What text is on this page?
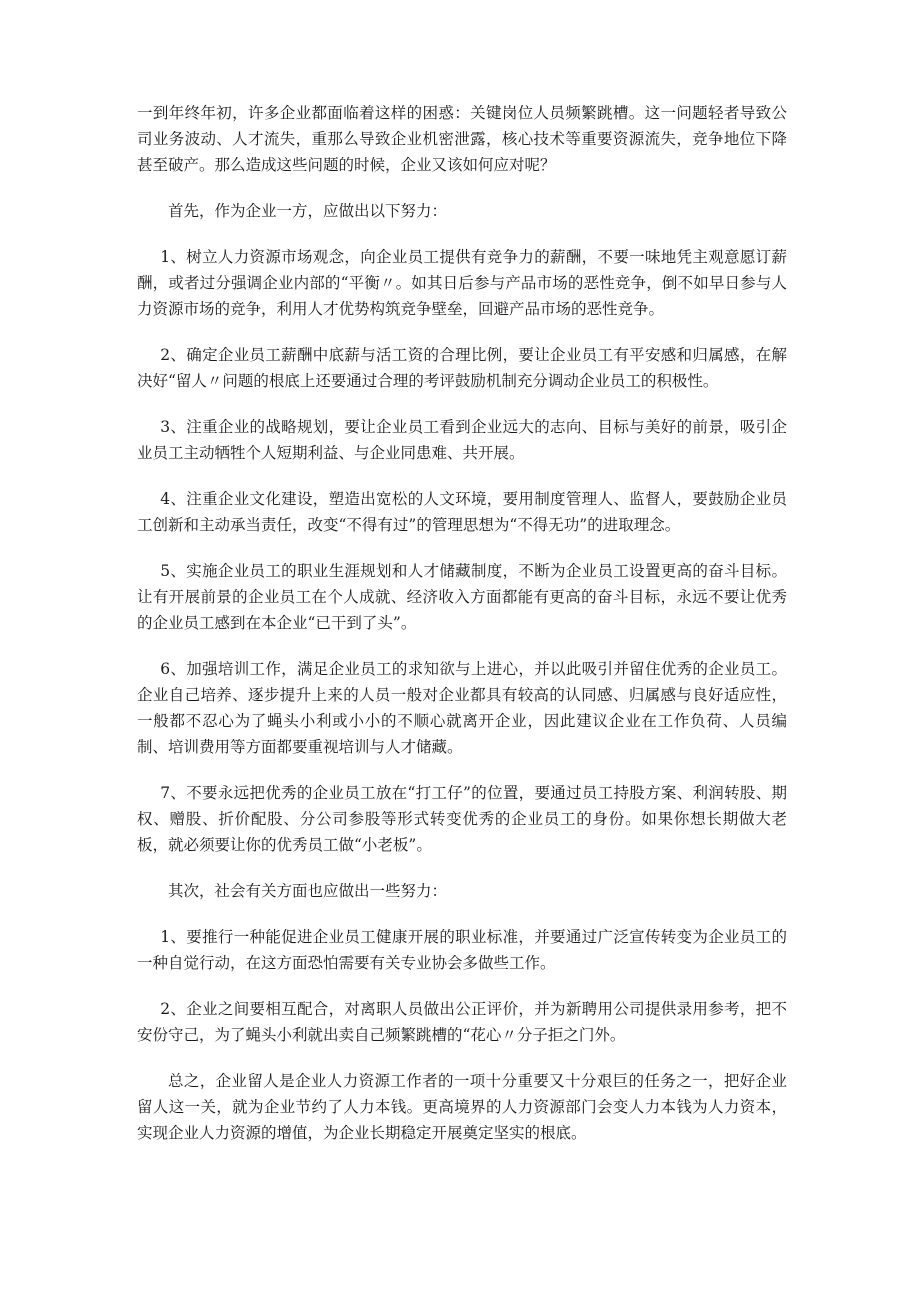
一到年终年初，许多企业都面临着这样的困惑：关键岗位人员频繁跳槽。这一问题轻者导致公司业务波动、人才流失，重那么导致企业机密泄露，核心技术等重要资源流失，竞争地位下降甚至破产。那么造成这些问题的时候，企业又该如何应对呢？

首先，作为企业一方，应做出以下努力：

1、树立人力资源市场观念，向企业员工提供有竞争力的薪酬，不要一味地凭主观意愿订薪酬，或者过分强调企业内部的“平衡〃。如其日后参与产品市场的恶性竞争，倒不如早日参与人力资源市场的竞争，利用人才优势构筑竞争壁垒，回避产品市场的恶性竞争。

2、确定企业员工薪酬中底薪与活工资的合理比例，要让企业员工有平安感和归属感，在解决好“留人〃问题的根底上还要通过合理的考评鼓励机制充分调动企业员工的积极性。

3、注重企业的战略规划，要让企业员工看到企业远大的志向、目标与美好的前景，吸引企业员工主动牺牲个人短期利益、与企业同患难、共开展。

4、注重企业文化建设，塑造出宽松的人文环境，要用制度管理人、监督人，要鼓励企业员工创新和主动承当责任，改变“不得有过”的管理思想为“不得无功”的进取理念。

5、实施企业员工的职业生涯规划和人才储藏制度，不断为企业员工设置更高的奋斗目标。让有开展前景的企业员工在个人成就、经济收入方面都能有更高的奋斗目标，永远不要让优秀的企业员工感到在本企业“已干到了头”。

6、加强培训工作，满足企业员工的求知欲与上进心，并以此吸引并留住优秀的企业员工。企业自己培养、逐步提升上来的人员一般对企业都具有较高的认同感、归属感与良好适应性，一般都不忍心为了蝇头小利或小小的不顺心就离开企业，因此建议企业在工作负荷、人员编制、培训费用等方面都要重视培训与人才储藏。

7、不要永远把优秀的企业员工放在“打工仔”的位置，要通过员工持股方案、利润转股、期权、赠股、折价配股、分公司参股等形式转变优秀的企业员工的身份。如果你想长期做大老板，就必须要让你的优秀员工做“小老板”。

其次，社会有关方面也应做出一些努力：

1、要推行一种能促进企业员工健康开展的职业标准，并要通过广泛宣传转变为企业员工的一种自觉行动，在这方面恐怕需要有关专业协会多做些工作。

2、企业之间要相互配合，对离职人员做出公正评价，并为新聘用公司提供录用参考，把不安份守己，为了蝇头小利就出卖自己频繁跳槽的“花心〃分子拒之门外。

总之，企业留人是企业人力资源工作者的一项十分重要又十分艰巨的任务之一，把好企业留人这一关，就为企业节约了人力本钱。更高境界的人力资源部门会变人力本钱为人力资本，实现企业人力资源的增值，为企业长期稳定开展奠定坚实的根底。
